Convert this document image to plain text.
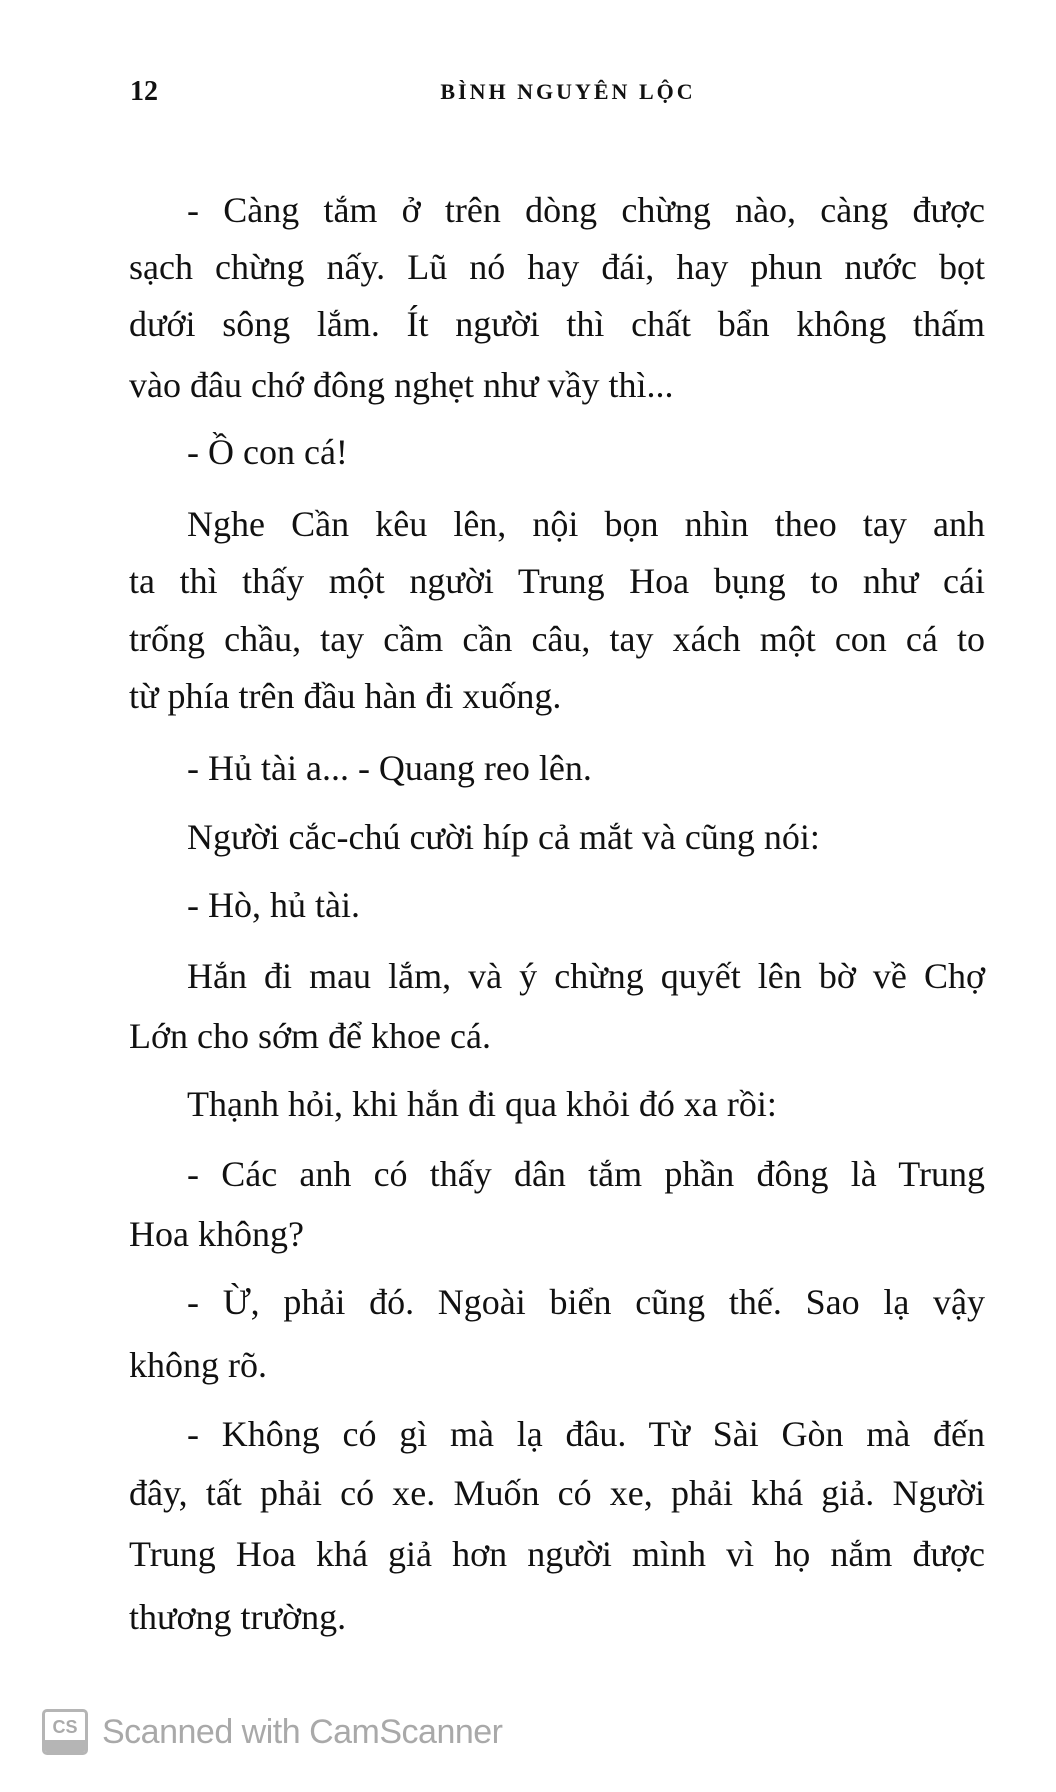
12	BÌNH NGUYÊN LỘC
- Càng tắm ở trên dòng chừng nào, càng được
sạch chừng nấy. Lũ nó hay đái, hay phun nước bọt
dưới sông lắm. Ít người thì chất bẩn không thấm
vào đâu chớ đông nghẹt như vầy thì...
- Ồ con cá!
Nghe Cần kêu lên, nội bọn nhìn theo tay anh
ta thì thấy một người Trung Hoa bụng to như cái
trống chầu, tay cầm cần câu, tay xách một con cá to
từ phía trên đầu hàn đi xuống.
- Hủ tài a... - Quang reo lên.
Người cắc-chú cười híp cả mắt và cũng nói:
- Hò, hủ tài.
Hắn đi mau lắm, và ý chừng quyết lên bờ về Chợ
Lớn cho sớm để khoe cá.
Thạnh hỏi, khi hắn đi qua khỏi đó xa rồi:
- Các anh có thấy dân tắm phần đông là Trung
Hoa không?
- Ừ, phải đó. Ngoài biển cũng thế. Sao lạ vậy
không rõ.
- Không có gì mà lạ đâu. Từ Sài Gòn mà đến
đây, tất phải có xe. Muốn có xe, phải khá giả. Người
Trung Hoa khá giả hơn người mình vì họ nắm được
thương trường.
CS Scanned with CamScanner
